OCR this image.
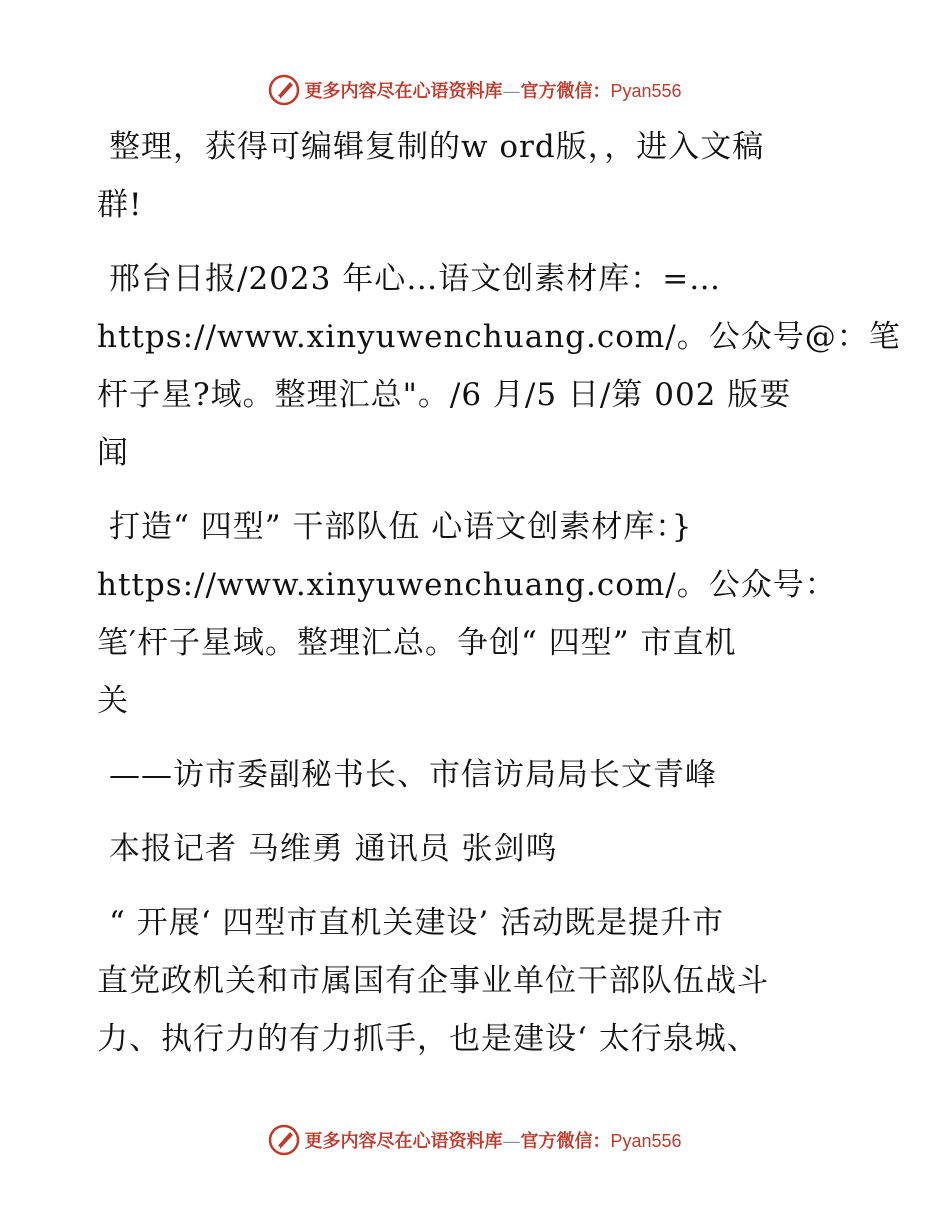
更多内容尽在心语资料库—官方微信：Pyan556
整理，获得可编辑复制的w ord版，，进入文稿
群!
邢台日报/2023 年心…语文创素材库：=…
https://www.xinyuwenchuang.com/。公众号@：笔
杆子星?域。整理汇总"。/6 月/5 日/第 002 版要
闻
打造“ 四型” 干部队伍 心语文创素材库：}
https://www.xinyuwenchuang.com/。公众号：
笔′杆子星域。整理汇总。争创“ 四型” 市直机
关
——访市委副秘书长、市信访局局长文青峰
本报记者 马维勇 通讯员 张剑鸣
“ 开展‘ 四型市直机关建设’ 活动既是提升市
直党政机关和市属国有企事业单位干部队伍战斗
力、执行力的有力抓手，也是建设‘ 太行泉城、
更多内容尽在心语资料库—官方微信：Pyan556
